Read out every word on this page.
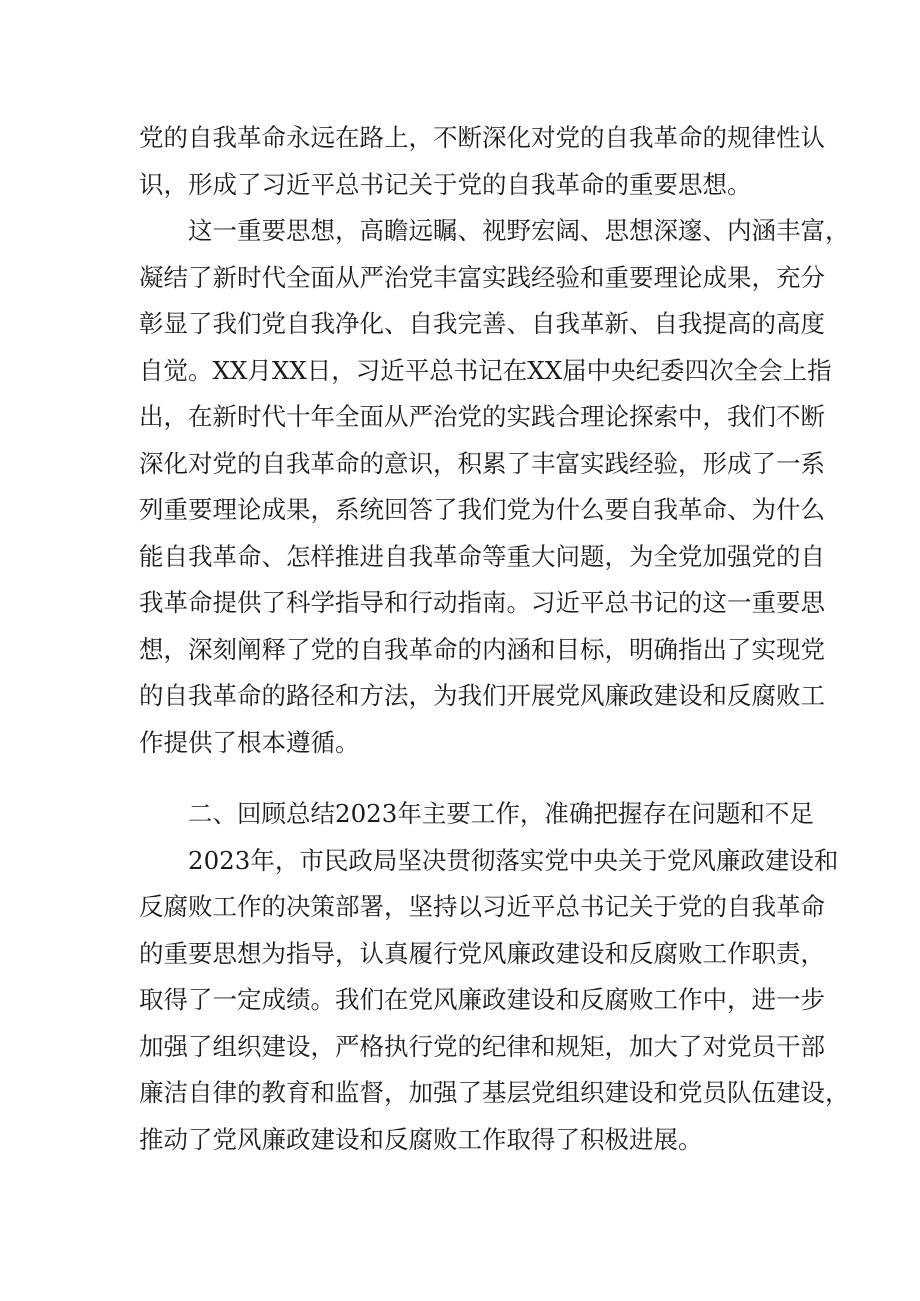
党的自我革命永远在路上，不断深化对党的自我革命的规律性认
识，形成了习近平总书记关于党的自我革命的重要思想。
这一重要思想，高瞻远瞩、视野宏阔、思想深邃、内涵丰富，
凝结了新时代全面从严治党丰富实践经验和重要理论成果，充分
彰显了我们党自我净化、自我完善、自我革新、自我提高的高度
自觉。XX月XX日，习近平总书记在XX届中央纪委四次全会上指
出，在新时代十年全面从严治党的实践合理论探索中，我们不断
深化对党的自我革命的意识，积累了丰富实践经验，形成了一系
列重要理论成果，系统回答了我们党为什么要自我革命、为什么
能自我革命、怎样推进自我革命等重大问题，为全党加强党的自
我革命提供了科学指导和行动指南。习近平总书记的这一重要思
想，深刻阐释了党的自我革命的内涵和目标，明确指出了实现党
的自我革命的路径和方法，为我们开展党风廉政建设和反腐败工
作提供了根本遵循。
二、回顾总结2023年主要工作，准确把握存在问题和不足
2023年，市民政局坚决贯彻落实党中央关于党风廉政建设和
反腐败工作的决策部署，坚持以习近平总书记关于党的自我革命
的重要思想为指导，认真履行党风廉政建设和反腐败工作职责，
取得了一定成绩。我们在党风廉政建设和反腐败工作中，进一步
加强了组织建设，严格执行党的纪律和规矩，加大了对党员干部
廉洁自律的教育和监督，加强了基层党组织建设和党员队伍建设，
推动了党风廉政建设和反腐败工作取得了积极进展。
